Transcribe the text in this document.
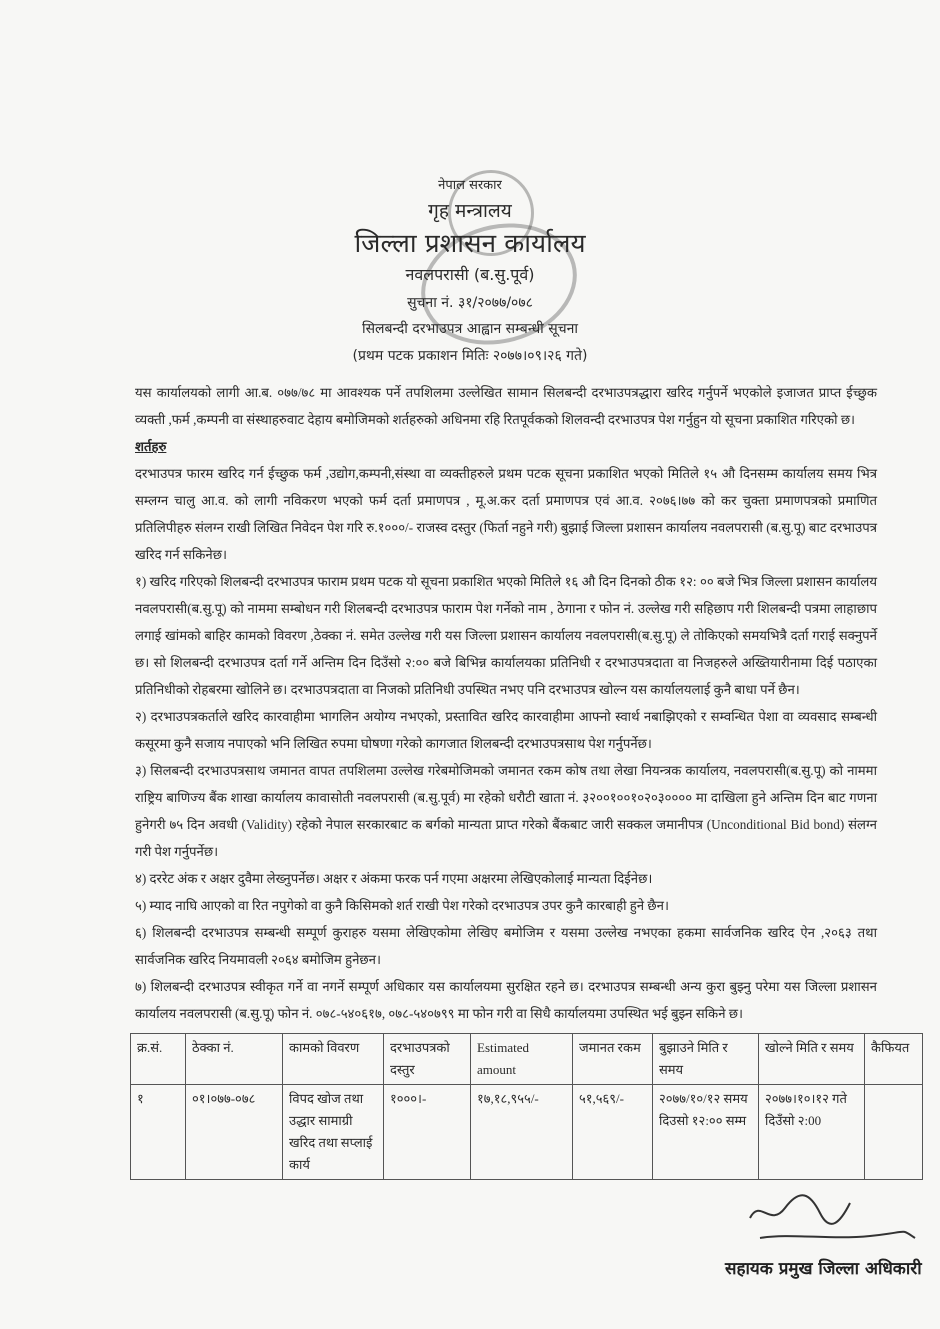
नेपाल सरकार
गृह मन्त्रालय
जिल्ला प्रशासन कार्यालय
नवलपरासी (ब.सु.पूर्व)
सुचना नं. ३१/२०७७/०७८
सिलबन्दी दरभाउपत्र आह्वान सम्बन्धी सूचना
(प्रथम पटक प्रकाशन मितिः २०७७।०९।२६ गते)

यस कार्यालयको लागी आ.ब. ०७७/७८ मा आवश्यक पर्ने तपशिलमा उल्लेखित सामान सिलबन्दी दरभाउपत्रद्धारा खरिद गर्नुपर्ने भएकोले इजाजत प्राप्त ईच्छुक व्यक्ती ,फर्म ,कम्पनी वा संस्थाहरुवाट देहाय बमोजिमको शर्तहरुको अधिनमा रहि रितपूर्वकको शिलवन्दी दरभाउपत्र पेश गर्नुहुन यो सूचना प्रकाशित गरिएको छ।

शर्तहरु

दरभाउपत्र फारम खरिद गर्न ईच्छुक फर्म ,उद्योग,कम्पनी,संस्था वा व्यक्तीहरुले प्रथम पटक सूचना प्रकाशित भएको मितिले १५ औ दिनसम्म कार्यालय समय भित्र सम्लग्न चालु आ.व. को लागी नविकरण भएको फर्म दर्ता प्रमाणपत्र , मू.अ.कर दर्ता प्रमाणपत्र एवं आ.व. २०७६।७७ को कर चुक्ता प्रमाणपत्रको प्रमाणित प्रतिलिपीहरु संलग्न राखी लिखित निवेदन पेश गरि रु.१०००/- राजस्व दस्तुर (फिर्ता नहुने गरी) बुझाई जिल्ला प्रशासन कार्यालय नवलपरासी (ब.सु.पू) बाट दरभाउपत्र खरिद गर्न सकिनेछ।

१) खरिद गरिएको शिलबन्दी दरभाउपत्र फाराम प्रथम पटक यो सूचना प्रकाशित भएको मितिले १६ औ दिन दिनको ठीक १२: ०० बजे भित्र जिल्ला प्रशासन कार्यालय नवलपरासी(ब.सु.पू) को नाममा सम्बोधन गरी शिलबन्दी दरभाउपत्र फाराम पेश गर्नेको नाम , ठेगाना र फोन नं. उल्लेख गरी सहिछाप गरी शिलबन्दी पत्रमा लाहाछाप लगाई खांमको बाहिर कामको विवरण ,ठेक्का नं. समेत उल्लेख गरी यस जिल्ला प्रशासन कार्यालय नवलपरासी(ब.सु.पू) ले तोकिएको समयभित्रै दर्ता गराई सक्नुपर्ने छ। सो शिलबन्दी दरभाउपत्र दर्ता गर्ने अन्तिम दिन दिउँसो २:०० बजे बिभिन्न कार्यालयका प्रतिनिधी र दरभाउपत्रदाता वा निजहरुले अख्तियारीनामा दिई पठाएका प्रतिनिधीको रोहबरमा खोलिने छ। दरभाउपत्रदाता वा निजको प्रतिनिधी उपस्थित नभए पनि दरभाउपत्र खोल्न यस कार्यालयलाई कुनै बाधा पर्ने छैन।

२) दरभाउपत्रकर्ताले खरिद कारवाहीमा भागलिन अयोग्य नभएको, प्रस्तावित खरिद कारवाहीमा आफ्नो स्वार्थ नबाझिएको र सम्वन्धित पेशा वा व्यवसाद सम्बन्धी कसूरमा कुनै सजाय नपाएको भनि लिखित रुपमा घोषणा गरेको कागजात शिलबन्दी दरभाउपत्रसाथ पेश गर्नुपर्नेछ।

३) सिलबन्दी दरभाउपत्रसाथ जमानत वापत तपशिलमा उल्लेख गरेबमोजिमको जमानत रकम कोष तथा लेखा नियन्त्रक कार्यालय, नवलपरासी(ब.सु.पू) को नाममा राष्ट्रिय बाणिज्य बैंक शाखा कार्यालय कावासोती नवलपरासी (ब.सु.पूर्व) मा रहेको धरौटी खाता नं. ३२००१००१०२०३०००० मा दाखिला हुने अन्तिम दिन बाट गणना हुनेगरी ७५ दिन अवधी (Validity) रहेको नेपाल सरकारबाट क बर्गको मान्यता प्राप्त गरेको बैंकबाट जारी सक्कल जमानीपत्र (Unconditional Bid bond) संलग्न गरी पेश गर्नुपर्नेछ।

४) दररेट अंक र अक्षर दुवैमा लेख्नुपर्नेछ। अक्षर र अंकमा फरक पर्न गएमा अक्षरमा लेखिएकोलाई मान्यता दिईनेछ।

५) म्याद नाघि आएको वा रित नपुगेको वा कुनै किसिमको शर्त राखी पेश गरेको दरभाउपत्र उपर कुनै कारबाही हुने छैन।

६) शिलबन्दी दरभाउपत्र सम्बन्धी सम्पूर्ण कुराहरु यसमा लेखिएकोमा लेखिए बमोजिम र यसमा उल्लेख नभएका हकमा सार्वजनिक खरिद ऐन ,२०६३ तथा सार्वजनिक खरिद नियमावली २०६४ बमोजिम हुनेछन।

७) शिलबन्दी दरभाउपत्र स्वीकृत गर्ने वा नगर्ने सम्पूर्ण अधिकार यस कार्यालयमा सुरक्षित रहने छ। दरभाउपत्र सम्बन्धी अन्य कुरा बुझ्नु परेमा यस जिल्ला प्रशासन कार्यालय नवलपरासी (ब.सु.पू) फोन नं. ०७८-५४०६१७, ०७८-५४०७९९ मा फोन गरी वा सिधै कार्यालयमा उपस्थित भई बुझ्न सकिने छ।

क्र.सं.	ठेक्का नं.	कामको विवरण	दरभाउपत्रको दस्तुर	Estimated amount	जमानत रकम	बुझाउने मिति र समय	खोल्ने मिति र समय	कैफियत
१	०१।०७७-०७८	विपद खोज तथा उद्धार सामाग्री खरिद तथा सप्लाई कार्य	१०००।-	१७,१८,९५५/-	५१,५६९/-	२०७७/१०/१२ समय दिउसो १२:०० सम्म	२०७७।१०।१२ गते दिउँसो २:00	
सहायक प्रमुख जिल्ला अधिकारी
